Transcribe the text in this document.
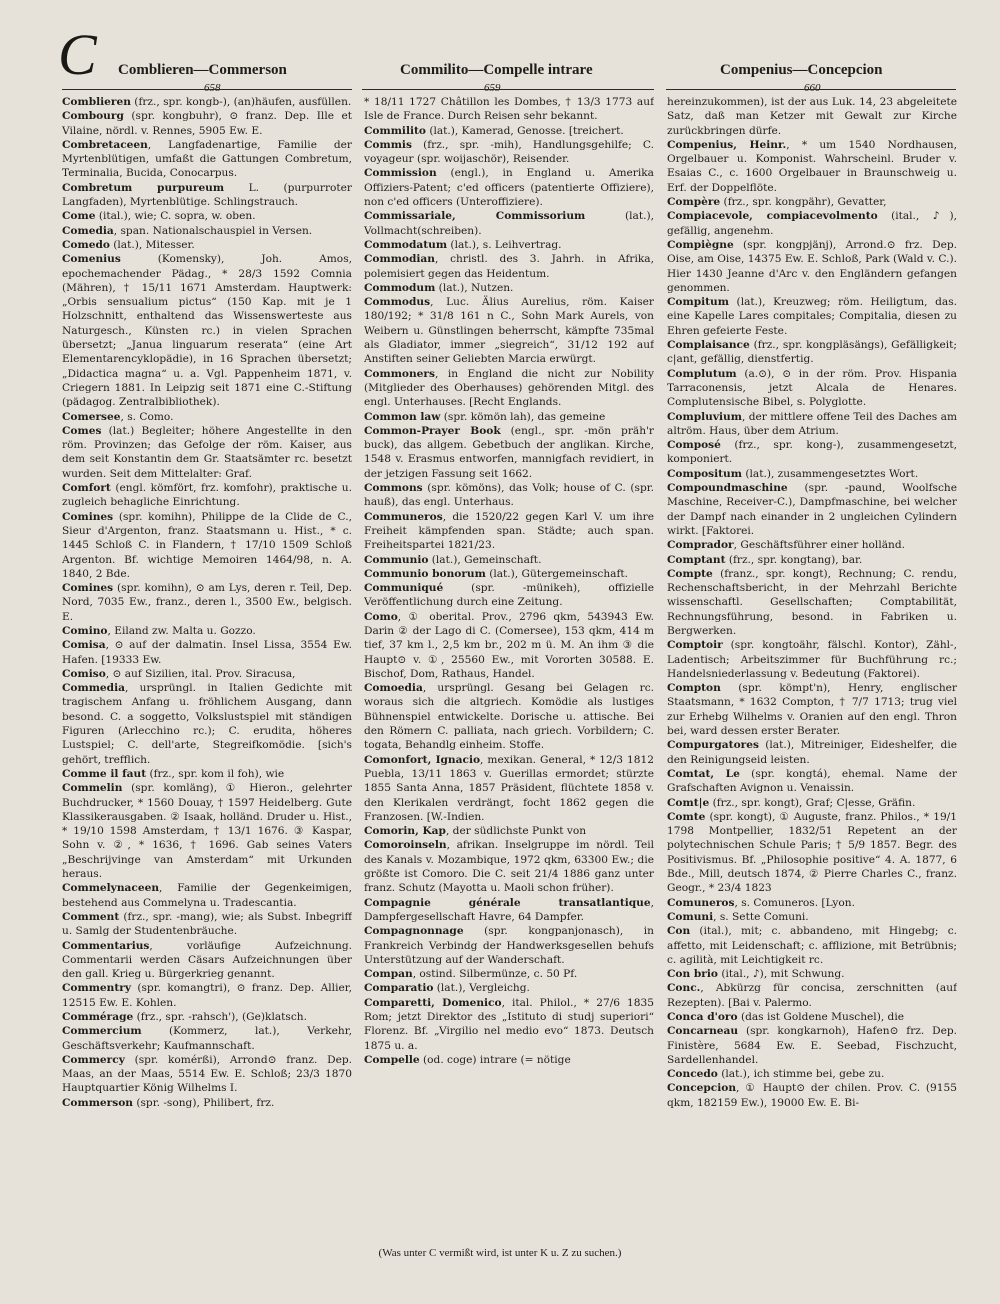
C Comblieren—Commerson	Commilito—Compelle intrare	Compenius—Concepcion
658	659	660

Comblieren (frz., spr. kongb-), (an)häufen, ausfüllen.

Combourg (spr. kongbuhr), ⊙ franz. Dep. Ille et Vilaine, nördl. v. Rennes, 5905 Ew. E.

Combretaceen, Langfadenartige, Familie der Myrtenblütigen, umfaßt die Gattungen Combretum, Terminalia, Bucida, Conocarpus.

Combretum purpureum L. (purpurroter Langfaden), Myrtenblütige. Schlingstrauch.

Come (ital.), wie; C. sopra, w. oben.

Comedia, span. Nationalschauspiel in Versen.

Comedo (lat.), Mitesser.

Comenius (Komensky), Joh. Amos, epochemachender Pädag., * 28/3 1592 Comnia (Mähren), † 15/11 1671 Amsterdam. Hauptwerk: „Orbis sensualium pictus“ (150 Kap. mit je 1 Holzschnitt, enthaltend das Wissenswerteste aus Naturgesch., Künsten rc.) in vielen Sprachen übersetzt; „Janua linguarum reserata“ (eine Art Elementarencyklopädie), in 16 Sprachen übersetzt; „Didactica magna“ u. a. Vgl. Pappenheim 1871, v. Criegern 1881. In Leipzig seit 1871 eine C.-Stiftung (pädagog. Zentralbibliothek).

Comersee, s. Como.

Comes (lat.) Begleiter; höhere Angestellte in den röm. Provinzen; das Gefolge der röm. Kaiser, aus dem seit Konstantin dem Gr. Staatsämter rc. besetzt wurden. Seit dem Mittelalter: Graf.

Comfort (engl. kömfört, frz. komfohr), praktische u. zugleich behagliche Einrichtung.

Comines (spr. komihn), Philippe de la Clide de C., Sieur d'Argenton, franz. Staatsmann u. Hist., * c. 1445 Schloß C. in Flandern, † 17/10 1509 Schloß Argenton. Bf. wichtige Memoiren 1464/98, n. A. 1840, 2 Bde.

Comines (spr. komihn), ⊙ am Lys, deren r. Teil, Dep. Nord, 7035 Ew., franz., deren l., 3500 Ew., belgisch. E.

Comino, Eiland zw. Malta u. Gozzo.

Comisa, ⊙ auf der dalmatin. Insel Lissa, 3554 Ew. Hafen. [19333 Ew.

Comiso, ⊙ auf Sizilien, ital. Prov. Siracusa,

Commedia, ursprüngl. in Italien Gedichte mit tragischem Anfang u. fröhlichem Ausgang, dann besond. C. a soggetto, Volkslustspiel mit ständigen Figuren (Arlecchino rc.); C. erudita, höheres Lustspiel; C. dell'arte, Stegreifkomödie. [sich's gehört, trefflich.

Comme il faut (frz., spr. kom il foh), wie

Commelin (spr. komläng), ① Hieron., gelehrter Buchdrucker, * 1560 Douay, † 1597 Heidelberg. Gute Klassikerausgaben. ② Isaak, holländ. Druder u. Hist., * 19/10 1598 Amsterdam, † 13/1 1676. ③ Kaspar, Sohn v. ②, * 1636, † 1696. Gab seines Vaters „Beschrijvinge van Amsterdam“ mit Urkunden heraus.

Commelynaceen, Familie der Gegenkeimigen, bestehend aus Commelyna u. Tradescantia.

Comment (frz., spr. -mang), wie; als Subst. Inbegriff u. Samlg der Studentenbräuche.

Commentarius, vorläufige Aufzeichnung. Commentarii werden Cäsars Aufzeichnungen über den gall. Krieg u. Bürgerkrieg genannt.

Commentry (spr. komangtri), ⊙ franz. Dep. Allier, 12515 Ew. E. Kohlen.

Commérage (frz., spr. -rahsch'), (Ge)klatsch.

Commercium (Kommerz, lat.), Verkehr, Geschäftsverkehr; Kaufmannschaft.

Commercy (spr. komérßi), Arrond⊙ franz. Dep. Maas, an der Maas, 5514 Ew. E. Schloß; 23/3 1870 Hauptquartier König Wilhelms I.

Commerson (spr. -song), Philibert, frz.

* 18/11 1727 Châtillon les Dombes, † 13/3 1773 auf Isle de France. Durch Reisen sehr bekannt.

Commilito (lat.), Kamerad, Genosse. [treichert.

Commis (frz., spr. -mih), Handlungsgehilfe; C. voyageur (spr. woijaschör), Reisender.

Commission (engl.), in England u. Amerika Offiziers-Patent; c'ed officers (patentierte Offiziere), non c'ed officers (Unteroffiziere).

Commissariale, Commissorium (lat.), Vollmacht(schreiben).

Commodatum (lat.), s. Leihvertrag.

Commodian, christl. des 3. Jahrh. in Afrika, polemisiert gegen das Heidentum.

Commodum (lat.), Nutzen.

Commodus, Luc. Älius Aurelius, röm. Kaiser 180/192; * 31/8 161 n C., Sohn Mark Aurels, von Weibern u. Günstlingen beherrscht, kämpfte 735mal als Gladiator, immer „siegreich“, 31/12 192 auf Anstiften seiner Geliebten Marcia erwürgt.

Commoners, in England die nicht zur Nobility (Mitglieder des Oberhauses) gehörenden Mitgl. des engl. Unterhauses. [Recht Englands.

Common law (spr. kömön lah), das gemeine

Common-Prayer Book (engl., spr. -mön präh'r buck), das allgem. Gebetbuch der anglikan. Kirche, 1548 v. Erasmus entworfen, mannigfach revidiert, in der jetzigen Fassung seit 1662.

Commons (spr. kömöns), das Volk; house of C. (spr. hauß), das engl. Unterhaus.

Communeros, die 1520/22 gegen Karl V. um ihre Freiheit kämpfenden span. Städte; auch span. Freiheitspartei 1821/23.

Communio (lat.), Gemeinschaft.

Communio bonorum (lat.), Gütergemeinschaft.

Communiqué (spr. -münikeh), offizielle Veröffentlichung durch eine Zeitung.

Como, ① oberital. Prov., 2796 qkm, 543943 Ew. Darin ② der Lago di C. (Comersee), 153 qkm, 414 m tief, 37 km l., 2,5 km br., 202 m ü. M. An ihm ③ die Haupt⊙ v. ①, 25560 Ew., mit Vororten 30588. E. Bischof, Dom, Rathaus, Handel.

Comoedia, ursprüngl. Gesang bei Gelagen rc. woraus sich die altgriech. Komödie als lustiges Bühnenspiel entwickelte. Dorische u. attische. Bei den Römern C. palliata, nach griech. Vorbildern; C. togata, Behandlg einheim. Stoffe.

Comonfort, Ignacio, mexikan. General, * 12/3 1812 Puebla, 13/11 1863 v. Guerillas ermordet; stürzte 1855 Santa Anna, 1857 Präsident, flüchtete 1858 v. den Klerikalen verdrängt, focht 1862 gegen die Franzosen. [W.-Indien.

Comorin, Kap, der südlichste Punkt von

Comoroinseln, afrikan. Inselgruppe im nördl. Teil des Kanals v. Mozambique, 1972 qkm, 63300 Ew.; die größte ist Comoro. Die C. seit 21/4 1886 ganz unter franz. Schutz (Mayotta u. Maoli schon früher).

Compagnie générale transatlantique, Dampfergesellschaft Havre, 64 Dampfer.

Compagnonnage (spr. kongpanjonasch), in Frankreich Verbindg der Handwerksgesellen behufs Unterstützung auf der Wanderschaft.

Compan, ostind. Silbermünze, c. 50 Pf.

Comparatio (lat.), Vergleichg.

Comparetti, Domenico, ital. Philol., * 27/6 1835 Rom; jetzt Direktor des „Istituto di studj superiori“ Florenz. Bf. „Virgilio nel medio evo“ 1873. Deutsch 1875 u. a.

Compelle (od. coge) intrare (= nötige

hereinzukommen), ist der aus Luk. 14, 23 abgeleitete Satz, daß man Ketzer mit Gewalt zur Kirche zurückbringen dürfe.

Compenius, Heinr., * um 1540 Nordhausen, Orgelbauer u. Komponist. Wahrscheinl. Bruder v. Esaias C., c. 1600 Orgelbauer in Braunschweig u. Erf. der Doppelflöte.

Compère (frz., spr. kongpähr), Gevatter,

Compiacevole, compiacevolmento (ital., ♪), gefällig, angenehm.

Compiègne (spr. kongpjänj), Arrond.⊙ frz. Dep. Oise, am Oise, 14375 Ew. E. Schloß, Park (Wald v. C.). Hier 1430 Jeanne d'Arc v. den Engländern gefangen genommen.

Compitum (lat.), Kreuzweg; röm. Heiligtum, das. eine Kapelle Lares compitales; Compitalia, diesen zu Ehren gefeierte Feste.

Complaisance (frz., spr. kongpläsängs), Gefälligkeit; c|ant, gefällig, dienstfertig.

Complutum (a.⊙), ⊙ in der röm. Prov. Hispania Tarraconensis, jetzt Alcala de Henares. Complutensische Bibel, s. Polyglotte.

Compluvium, der mittlere offene Teil des Daches am altröm. Haus, über dem Atrium.

Composé (frz., spr. kong-), zusammengesetzt, komponiert.

Compositum (lat.), zusammengesetztes Wort.

Compoundmaschine (spr. -paund, Woolfsche Maschine, Receiver-C.), Dampfmaschine, bei welcher der Dampf nach einander in 2 ungleichen Cylindern wirkt. [Faktorei.

Comprador, Geschäftsführer einer holländ.

Comptant (frz., spr. kongtang), bar.

Compte (franz., spr. kongt), Rechnung; C. rendu, Rechenschaftsbericht, in der Mehrzahl Berichte wissenschaftl. Gesellschaften; Comptabilität, Rechnungsführung, besond. in Fabriken u. Bergwerken.

Comptoir (spr. kongtoähr, fälschl. Kontor), Zähl-, Ladentisch; Arbeitszimmer für Buchführung rc.; Handelsniederlassung v. Bedeutung (Faktorei).

Compton (spr. kömpt'n), Henry, englischer Staatsmann, * 1632 Compton, † 7/7 1713; trug viel zur Erhebg Wilhelms v. Oranien auf den engl. Thron bei, ward dessen erster Berater.

Compurgatores (lat.), Mitreiniger, Eideshelfer, die den Reinigungseid leisten.

Comtat, Le (spr. kongtá), ehemal. Name der Grafschaften Avignon u. Venaissin.

Comt|e (frz., spr. kongt), Graf; C|esse, Gräfin.

Comte (spr. kongt), ① Auguste, franz. Philos., * 19/1 1798 Montpellier, 1832/51 Repetent an der polytechnischen Schule Paris; † 5/9 1857. Begr. des Positivismus. Bf. „Philosophie positive“ 4. A. 1877, 6 Bde., Mill, deutsch 1874, ② Pierre Charles C., franz. Geogr., * 23/4 1823

Comuneros, s. Comuneros. [Lyon.

Comuni, s. Sette Comuni.

Con (ital.), mit; c. abbandeno, mit Hingebg; c. affetto, mit Leidenschaft; c. afflizione, mit Betrübnis; c. agilità, mit Leichtigkeit rc.

Con brio (ital., ♪), mit Schwung.

Conc., Abkürzg für concisa, zerschnitten (auf Rezepten). [Bai v. Palermo.

Conca d'oro (das ist Goldene Muschel), die

Concarneau (spr. kongkarnoh), Hafen⊙ frz. Dep. Finistère, 5684 Ew. E. Seebad, Fischzucht, Sardellenhandel.

Concedo (lat.), ich stimme bei, gebe zu.

Concepcion, ① Haupt⊙ der chilen. Prov. C. (9155 qkm, 182159 Ew.), 19000 Ew. E. Bi-

(Was unter C vermißt wird, ist unter K u. Z zu suchen.)
